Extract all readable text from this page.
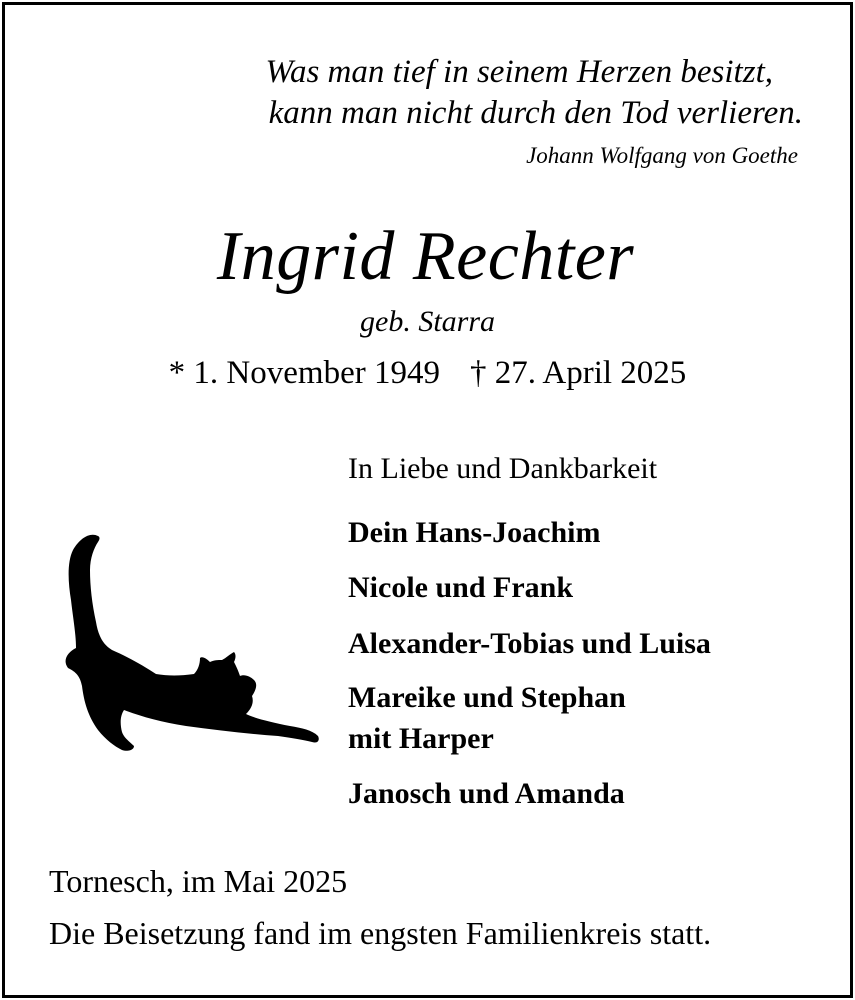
Was man tief in seinem Herzen besitzt,
kann man nicht durch den Tod verlieren.
Johann Wolfgang von Goethe
Ingrid Rechter
geb. Starra
* 1. November 1949 † 27. April 2025
In Liebe und Dankbarkeit
Dein Hans-Joachim
Nicole und Frank
Alexander-Tobias und Luisa
Mareike und Stephan
mit Harper
Janosch und Amanda
Tornesch, im Mai 2025
Die Beisetzung fand im engsten Familienkreis statt.
